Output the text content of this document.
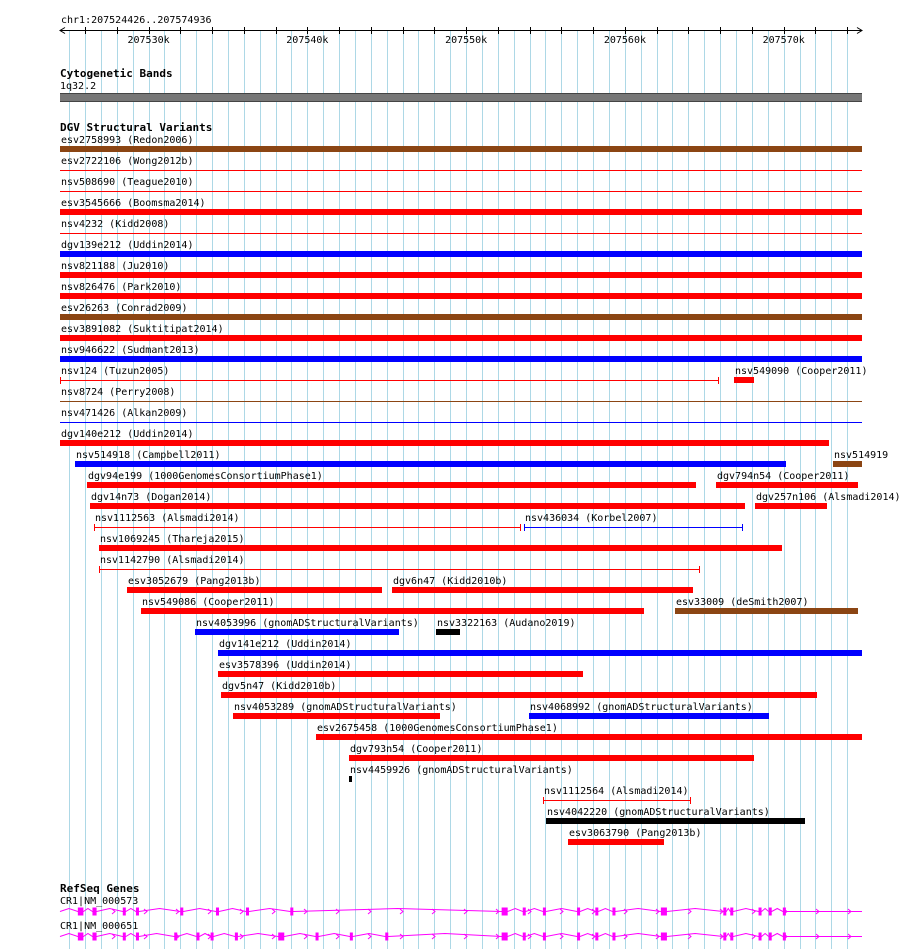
chr1:207524426..207574936
207530k	207540k	207550k	207560k	207570k
Cytogenetic Bands
1q32.2
DGV Structural Variants
esv2758993 (Redon2006)
esv2722106 (Wong2012b)
nsv508690 (Teague2010)
esv3545666 (Boomsma2014)
nsv4232 (Kidd2008)
dgv139e212 (Uddin2014)
nsv821188 (Ju2010)
nsv826476 (Park2010)
esv26263 (Conrad2009)
esv3891082 (Suktitipat2014)
nsv946622 (Sudmant2013)
nsv124 (Tuzun2005)	nsv549090 (Cooper2011)
nsv8724 (Perry2008)
nsv471426 (Alkan2009)
dgv140e212 (Uddin2014)
nsv514918 (Campbell2011)	nsv514919
dgv94e199 (1000GenomesConsortiumPhase1)	dgv794n54 (Cooper2011)
dgv14n73 (Dogan2014)	dgv257n106 (Alsmadi2014)
nsv1112563 (Alsmadi2014)	nsv436034 (Korbel2007)
nsv1069245 (Thareja2015)
nsv1142790 (Alsmadi2014)
esv3052679 (Pang2013b)	dgv6n47 (Kidd2010b)
nsv549086 (Cooper2011)	esv33009 (deSmith2007)
nsv4053996 (gnomADStructuralVariants) nsv3322163 (Audano2019)
dgv141e212 (Uddin2014)
esv3578396 (Uddin2014)
dgv5n47 (Kidd2010b)
nsv4053289 (gnomADStructuralVariants)	nsv4068992 (gnomADStructuralVariants)
esv2675458 (1000GenomesConsortiumPhase1)
dgv793n54 (Cooper2011)
nsv4459926 (gnomADStructuralVariants)
nsv1112564 (Alsmadi2014)
nsv4042220 (gnomADStructuralVariants)
esv3063790 (Pang2013b)
RefSeq Genes
CR1|NM_000573
CR1|NM_000651
